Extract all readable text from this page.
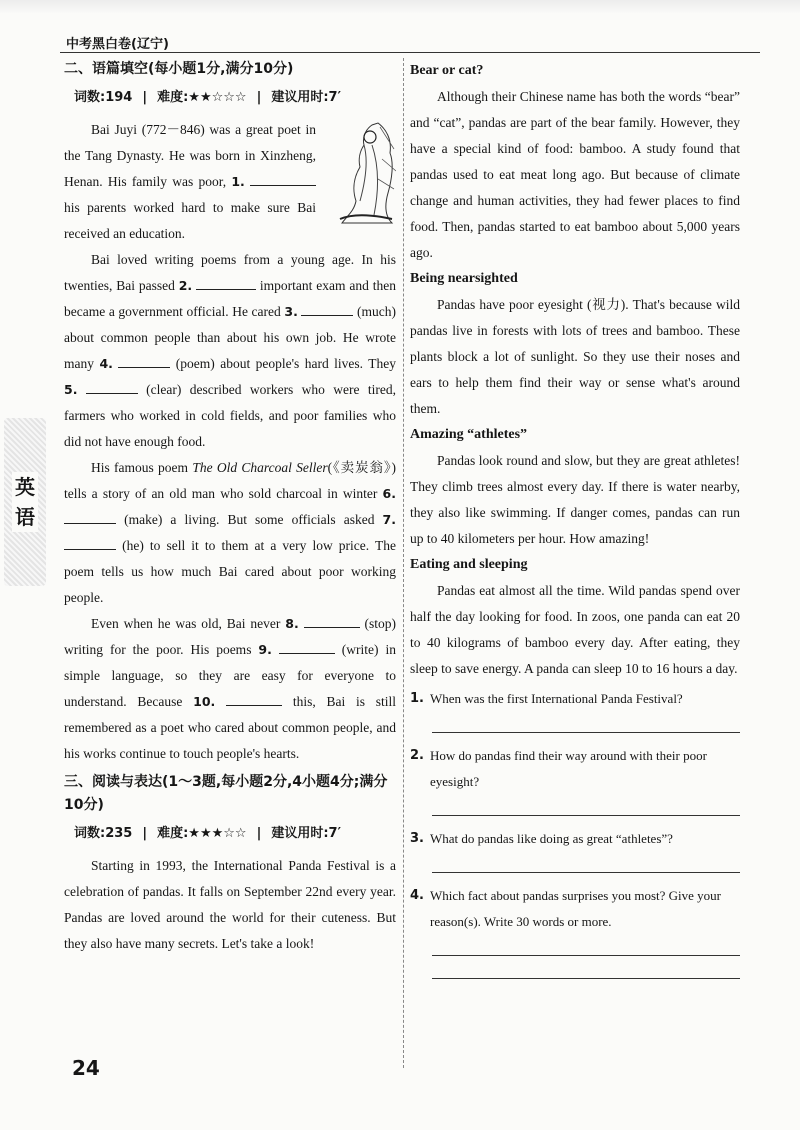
中考黑白卷(辽宁)
英
语
二、语篇填空(每小题1分,满分10分)
词数:194 | 难度:★★☆☆☆ | 建议用时:7′

Bai Juyi (772－846) was a great poet in the Tang Dynasty. He was born in Xinzheng, Henan. His family was poor, 1.  his parents worked hard to make sure Bai received an education.

Bai loved writing poems from a young age. In his twenties, Bai passed 2.	important exam and then became a government official. He cared 3.	(much) about common people than about his own job. He wrote many 4.	(poem) about people's hard lives. They 5.	(clear) described workers who were tired, farmers who worked in cold fields, and poor families who did not have enough food.

His famous poem The Old Charcoal Seller(《卖炭翁》) tells a story of an old man who sold charcoal in winter 6.  (make) a living. But some officials asked 7.  (he) to sell it to them at a very low price. The poem tells us how much Bai cared about poor working people.

Even when he was old, Bai never 8.	(stop) writing for the poor. His poems 9.	(write) in simple language, so they are easy for everyone to understand. Because 10.	this, Bai is still remembered as a poet who cared about common people, and his works continue to touch people's hearts.

三、阅读与表达(1～3题,每小题2分,4小题4分;满分10分)
词数:235 | 难度:★★★☆☆ | 建议用时:7′

Starting in 1993, the International Panda Festival is a celebration of pandas. It falls on September 22nd every year. Pandas are loved around the world for their cuteness. But they also have many secrets. Let's take a look!

Bear or cat?

Although their Chinese name has both the words “bear” and “cat”, pandas are part of the bear family. However, they have a special kind of food: bamboo. A study found that pandas used to eat meat long ago. But because of climate change and human activities, they had fewer places to find food. Then, pandas started to eat bamboo about 5,000 years ago.

Being nearsighted

Pandas have poor eyesight (视力). That's because wild pandas live in forests with lots of trees and bamboo. These plants block a lot of sunlight. So they use their noses and ears to help them find their way or sense what's around them.

Amazing “athletes”

Pandas look round and slow, but they are great athletes! They climb trees almost every day. If there is water nearby, they also like swimming. If danger comes, pandas can run up to 40 kilometers per hour. How amazing!

Eating and sleeping

Pandas eat almost all the time. Wild pandas spend over half the day looking for food. In zoos, one panda can eat 20 to 40 kilograms of bamboo every day. After eating, they sleep to save energy. A panda can sleep 10 to 16 hours a day.

1. When was the first International Panda Festival?
2. How do pandas find their way around with their poor eyesight?
3. What do pandas like doing as great “athletes”?
4. Which fact about pandas surprises you most? Give your reason(s). Write 30 words or more.
24
